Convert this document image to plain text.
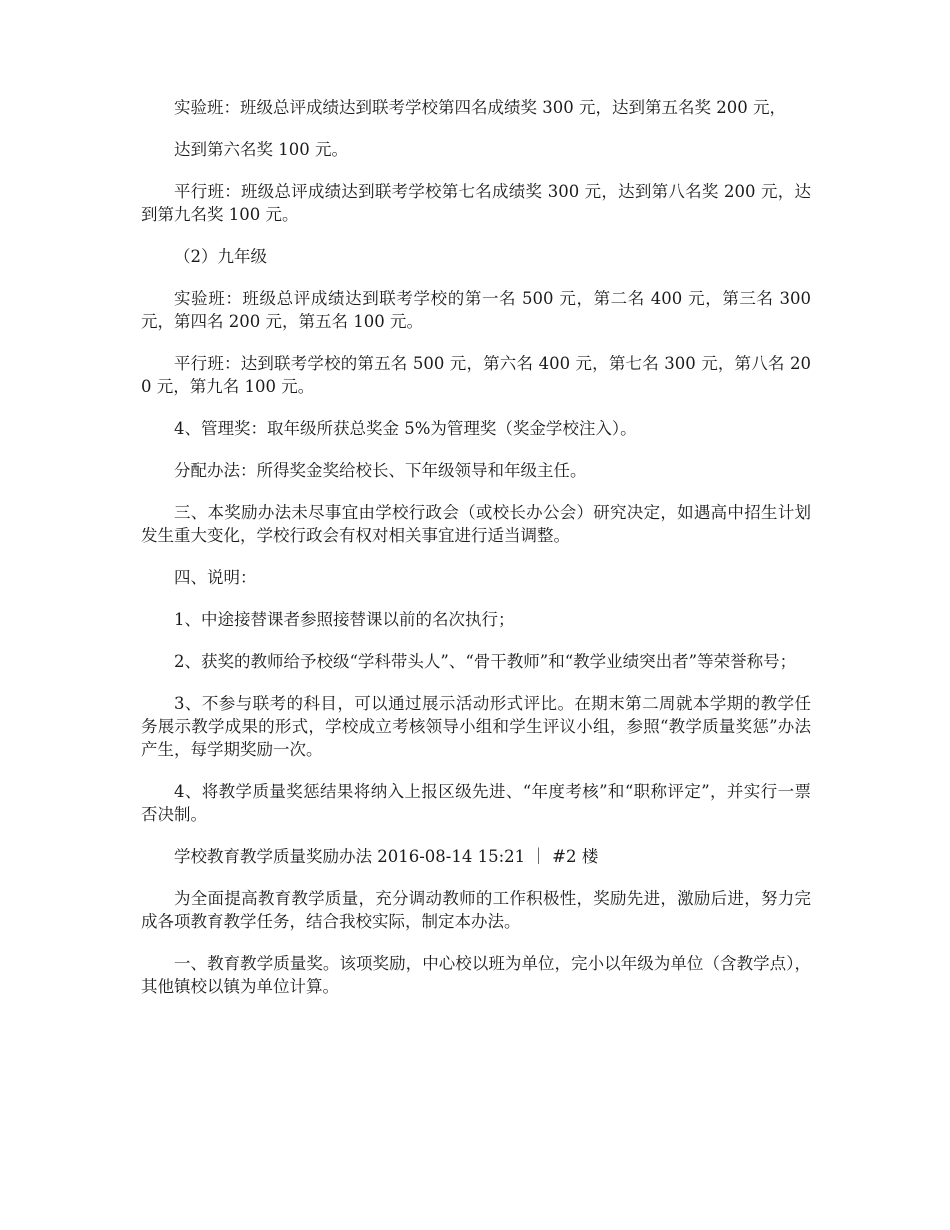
实验班：班级总评成绩达到联考学校第四名成绩奖 300 元，达到第五名奖 200 元，

达到第六名奖 100 元。

平行班：班级总评成绩达到联考学校第七名成绩奖 300 元，达到第八名奖 200 元，达到第九名奖 100 元。

（2）九年级

实验班：班级总评成绩达到联考学校的第一名 500 元，第二名 400 元，第三名 300 元，第四名 200 元，第五名 100 元。

平行班：达到联考学校的第五名 500 元，第六名 400 元，第七名 300 元，第八名 200 元，第九名 100 元。

4、管理奖：取年级所获总奖金 5%为管理奖（奖金学校注入）。

分配办法：所得奖金奖给校长、下年级领导和年级主任。

三、本奖励办法未尽事宜由学校行政会（或校长办公会）研究决定，如遇高中招生计划发生重大变化，学校行政会有权对相关事宜进行适当调整。

四、说明：

1、中途接替课者参照接替课以前的名次执行；

2、获奖的教师给予校级“学科带头人”、“骨干教师”和“教学业绩突出者”等荣誉称号；

3、不参与联考的科目，可以通过展示活动形式评比。在期末第二周就本学期的教学任务展示教学成果的形式，学校成立考核领导小组和学生评议小组，参照“教学质量奖惩”办法产生，每学期奖励一次。

4、将教学质量奖惩结果将纳入上报区级先进、“年度考核”和“职称评定”，并实行一票否决制。

学校教育教学质量奖励办法 2016-08-14 15:21 ｜ #2 楼

为全面提高教育教学质量，充分调动教师的工作积极性，奖励先进，激励后进，努力完成各项教育教学任务，结合我校实际，制定本办法。

一、教育教学质量奖。该项奖励，中心校以班为单位，完小以年级为单位（含教学点），其他镇校以镇为单位计算。
